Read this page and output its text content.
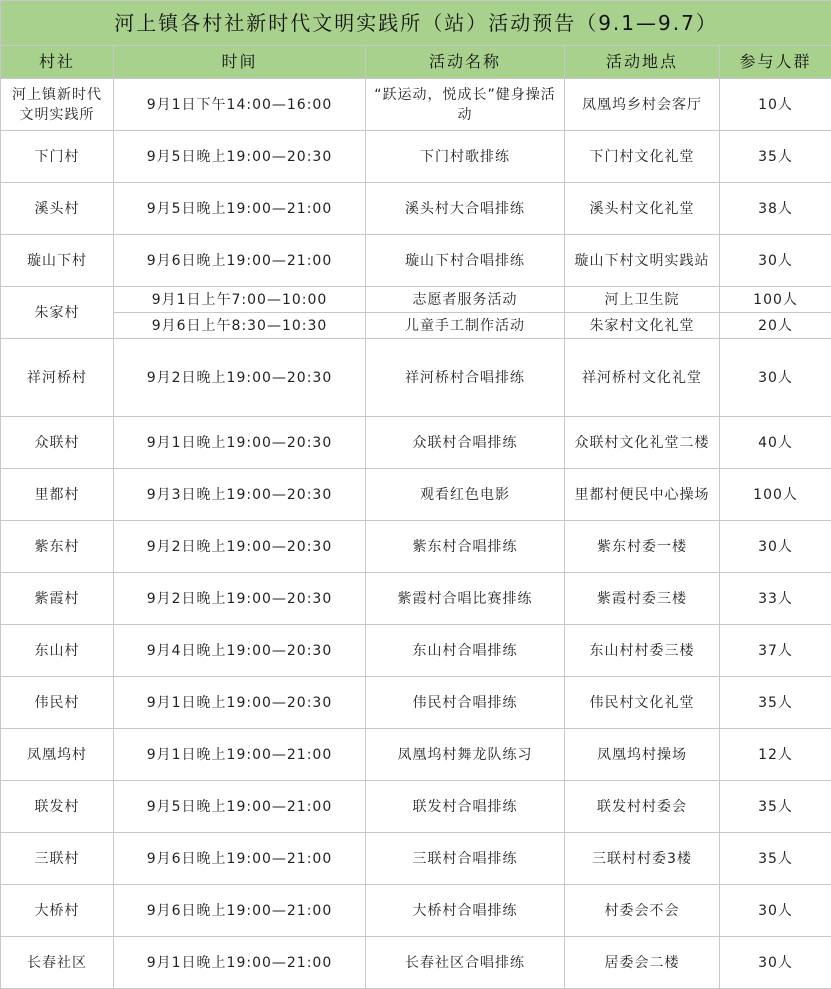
河上镇各村社新时代文明实践所（站）活动预告（9.1—9.7）				
村社	时间	活动名称	活动地点	参与人群
河上镇新时代文明实践所	9月1日下午14:00—16:00	“跃运动，悦成长”健身操活动	凤凰坞乡村会客厅	10人
下门村	9月5日晚上19:00—20:30	下门村歌排练	下门村文化礼堂	35人
溪头村	9月5日晚上19:00—21:00	溪头村大合唱排练	溪头村文化礼堂	38人
璇山下村	9月6日晚上19:00—21:00	璇山下村合唱排练	璇山下村文明实践站	30人
朱家村	9月1日上午7:00—10:00	志愿者服务活动	河上卫生院	100人
	9月6日上午8:30—10:30	儿童手工制作活动	朱家村文化礼堂	20人
祥河桥村	9月2日晚上19:00—20:30	祥河桥村合唱排练	祥河桥村文化礼堂	30人
众联村	9月1日晚上19:00—20:30	众联村合唱排练	众联村文化礼堂二楼	40人
里都村	9月3日晚上19:00—20:30	观看红色电影	里都村便民中心操场	100人
紫东村	9月2日晚上19:00—20:30	紫东村合唱排练	紫东村委一楼	30人
紫霞村	9月2日晚上19:00—20:30	紫霞村合唱比赛排练	紫霞村委三楼	33人
东山村	9月4日晚上19:00—20:30	东山村合唱排练	东山村村委三楼	37人
伟民村	9月1日晚上19:00—20:30	伟民村合唱排练	伟民村文化礼堂	35人
凤凰坞村	9月1日晚上19:00—21:00	凤凰坞村舞龙队练习	凤凰坞村操场	12人
联发村	9月5日晚上19:00—21:00	联发村合唱排练	联发村村委会	35人
三联村	9月6日晚上19:00—21:00	三联村合唱排练	三联村村委3楼	35人
大桥村	9月6日晚上19:00—21:00	大桥村合唱排练	村委会不会	30人
长春社区	9月1日晚上19:00—21:00	长春社区合唱排练	居委会二楼	30人
